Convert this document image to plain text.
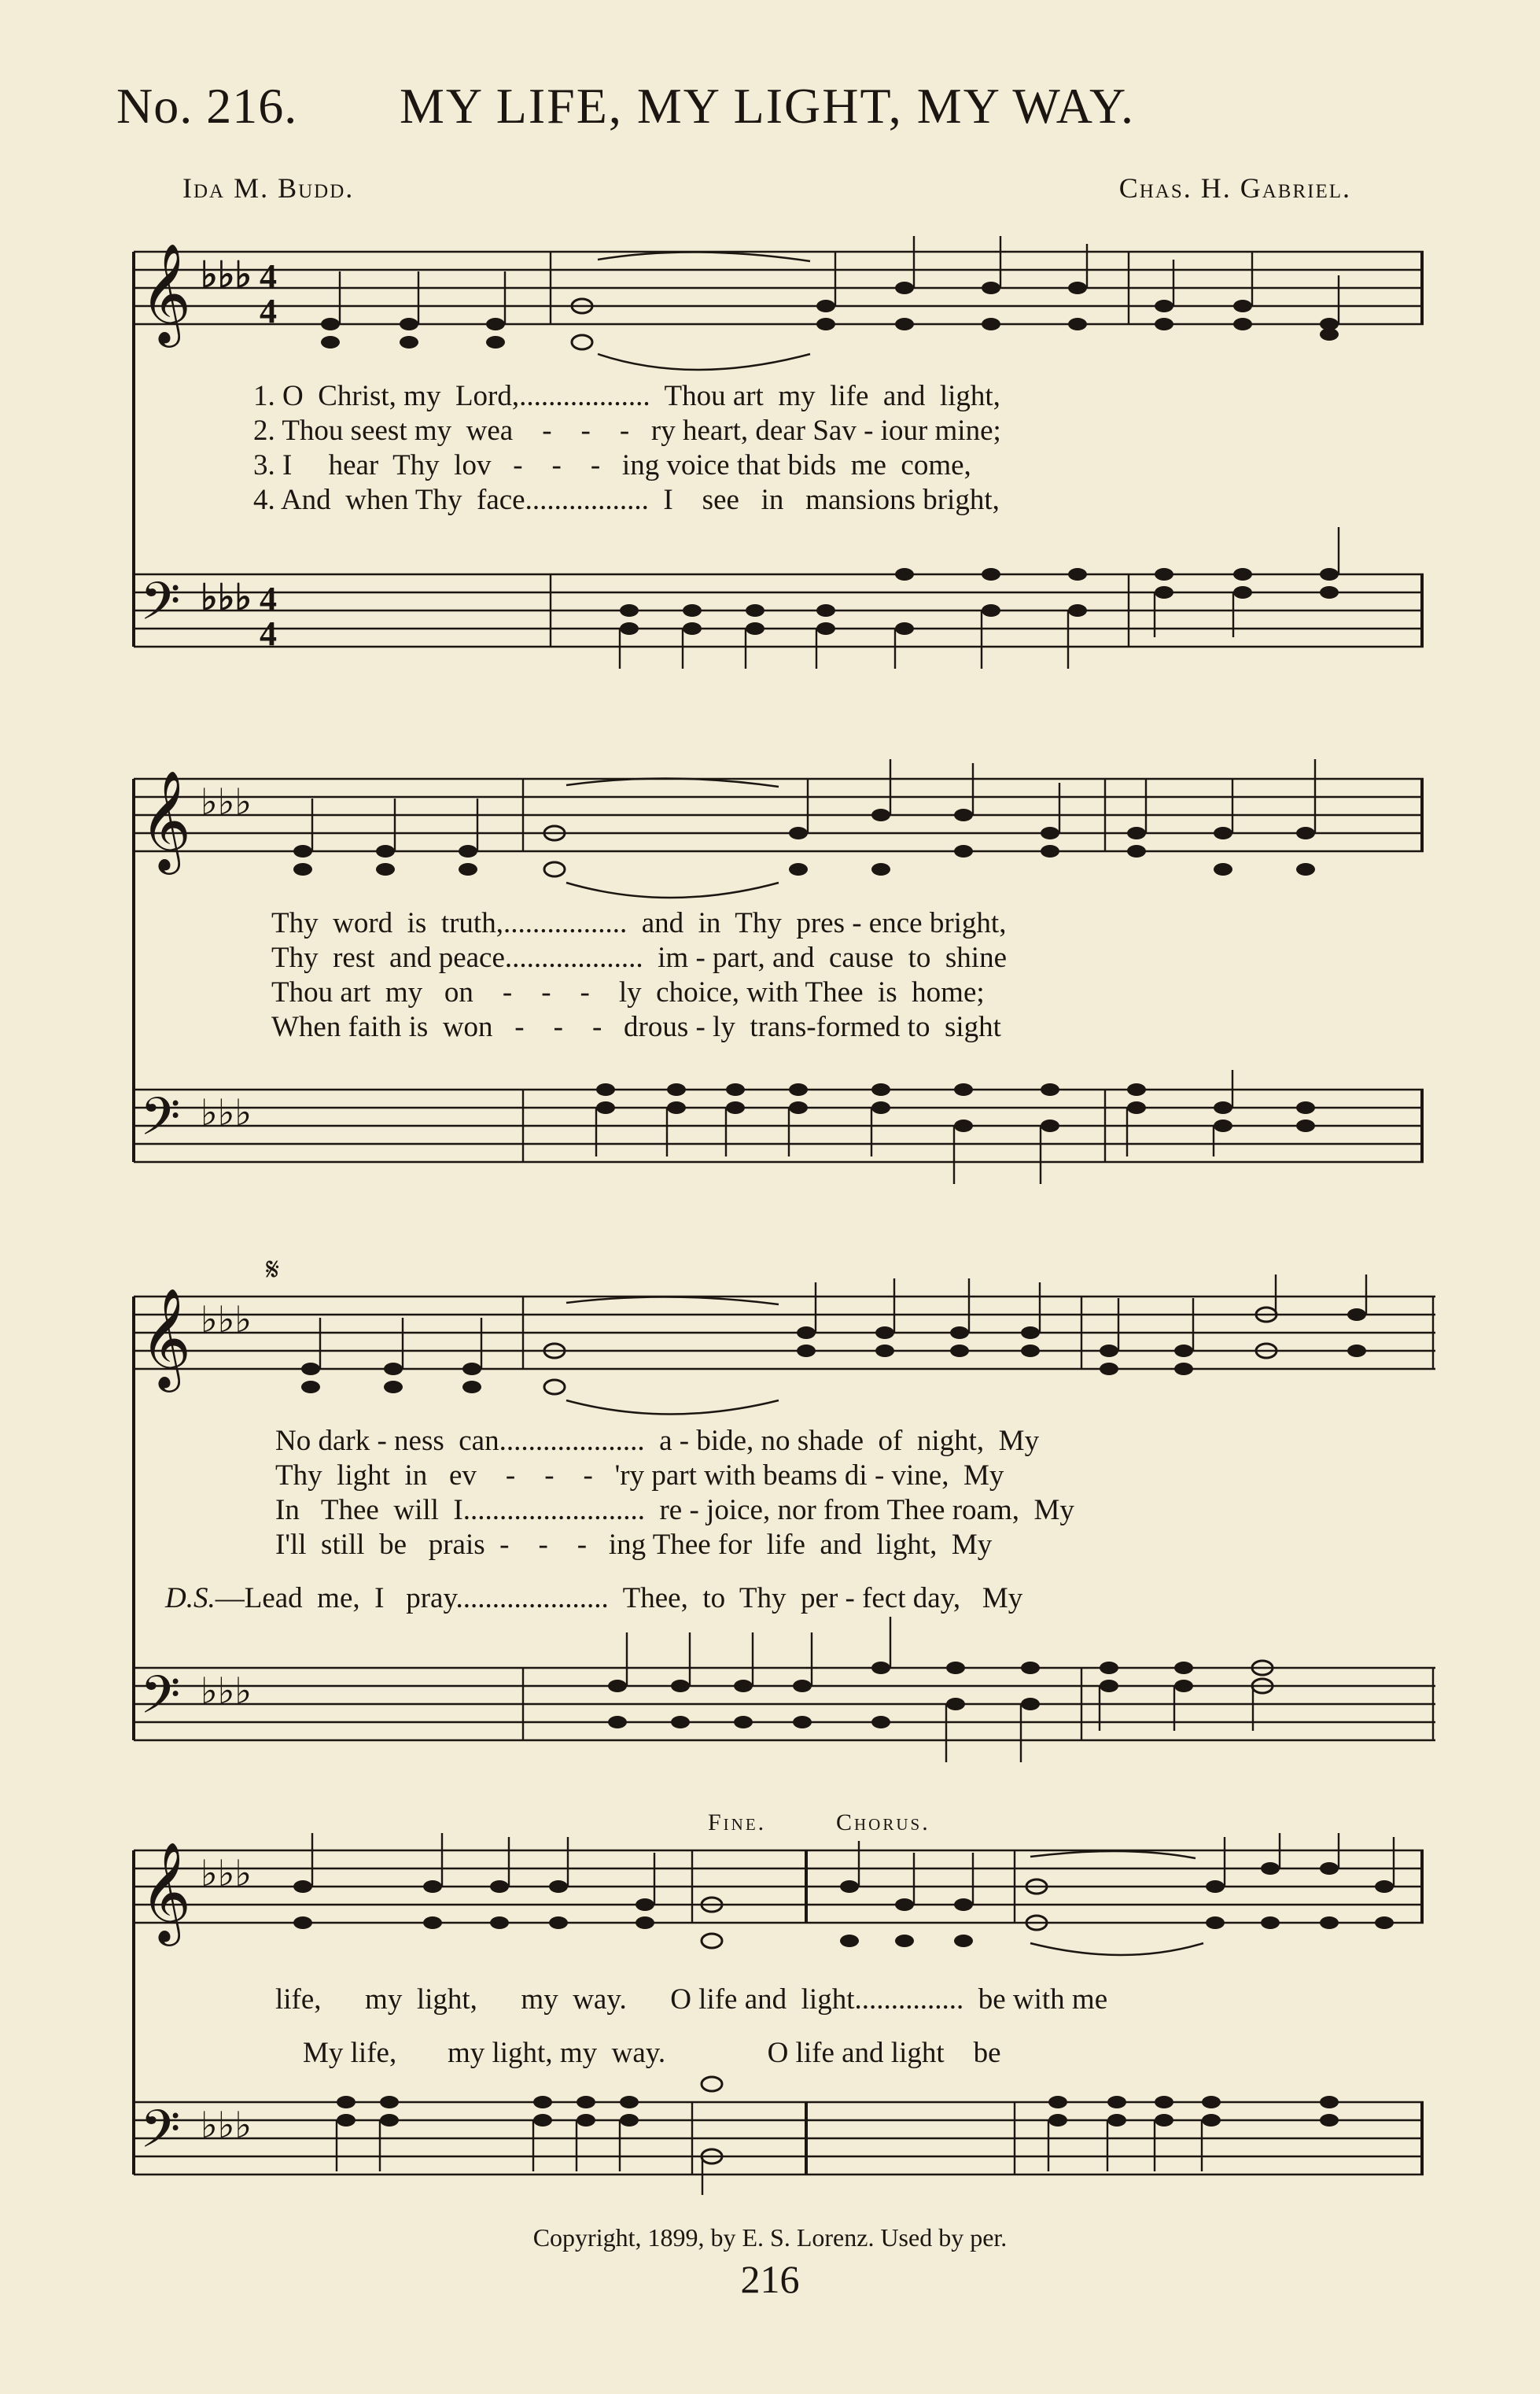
No. 216. MY LIFE, MY LIGHT, MY WAY.
Ida M. Budd.	Chas. H. Gabriel.
𝄞
𝄢
♭♭♭
♭♭♭
4
4
4
4
1. O  Christ, my  Lord,..................  Thou art  my  life  and  light,
2. Thou seest my  wea    -    -    -   ry heart, dear Sav - iour mine;
3. I     hear  Thy  lov   -    -    -   ing voice that bids  me  come,
4. And  when Thy  face.................  I    see   in   mansions bright,
𝄞
𝄢
♭♭♭
♭♭♭
Thy  word  is  truth,.................  and  in  Thy  pres - ence bright,
Thy  rest  and peace...................  im - part, and  cause  to  shine
Thou art  my   on    -    -    -    ly  choice, with Thee  is  home;
When faith is  won   -    -    -   drous - ly  trans-formed to  sight
𝄋
𝄞
𝄢
♭♭♭
♭♭♭
No dark - ness  can....................  a - bide, no shade  of  night,  My
Thy  light  in   ev    -    -    -   'ry part with beams di - vine,  My
In   Thee  will  I.........................  re - joice, nor from Thee roam,  My
I'll  still  be   prais  -    -    -   ing Thee for  life  and  light,  My
D.S.—Lead  me,  I   pray.....................  Thee,  to  Thy  per - fect day,   My
Fine.	Chorus.
𝄞
𝄢
♭♭♭
♭♭♭
life,      my  light,      my  way.      O life and  light...............  be with me
My life,       my light, my  way.              O life and light    be
Copyright, 1899, by E. S. Lorenz. Used by per.
216
